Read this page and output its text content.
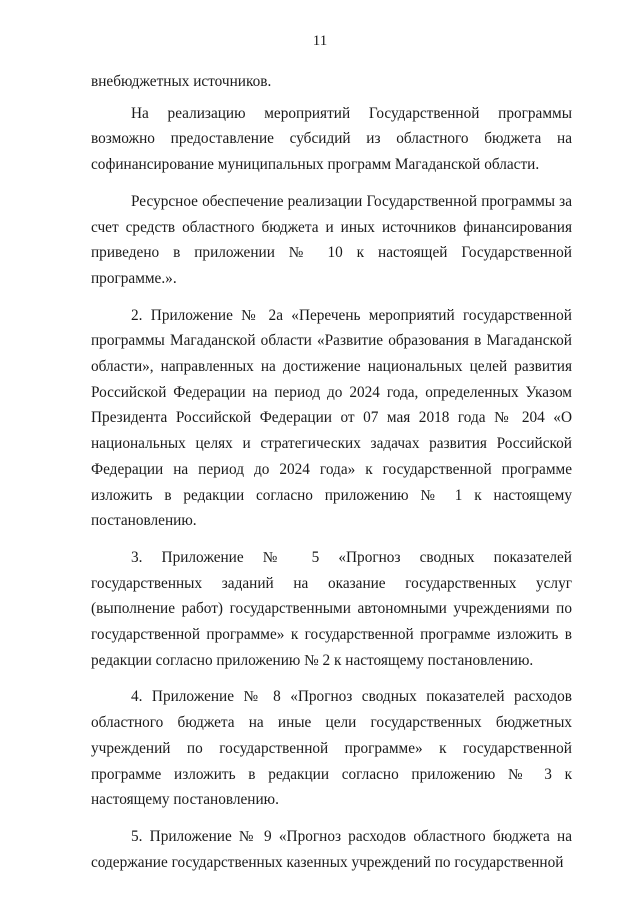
11

внебюджетных источников.

На реализацию мероприятий Государственной программы возможно предоставление субсидий из областного бюджета на софинансирование муниципальных программ Магаданской области.

Ресурсное обеспечение реализации Государственной программы за счет средств областного бюджета и иных источников финансирования приведено в приложении № 10 к настоящей Государственной программе.».

2. Приложение № 2а «Перечень мероприятий государственной программы Магаданской области «Развитие образования в Магаданской области», направленных на достижение национальных целей развития Российской Федерации на период до 2024 года, определенных Указом Президента Российской Федерации от 07 мая 2018 года № 204 «О национальных целях и стратегических задачах развития Российской Федерации на период до 2024 года» к государственной программе изложить в редакции согласно приложению № 1 к настоящему постановлению.

3. Приложение № 5 «Прогноз сводных показателей государственных заданий на оказание государственных услуг (выполнение работ) государственными автономными учреждениями по государственной программе» к государственной программе изложить в редакции согласно приложению № 2 к настоящему постановлению.

4. Приложение № 8 «Прогноз сводных показателей расходов областного бюджета на иные цели государственных бюджетных учреждений по государственной программе» к государственной программе изложить в редакции согласно приложению № 3 к настоящему постановлению.

5. Приложение № 9 «Прогноз расходов областного бюджета на содержание государственных казенных учреждений по государственной
